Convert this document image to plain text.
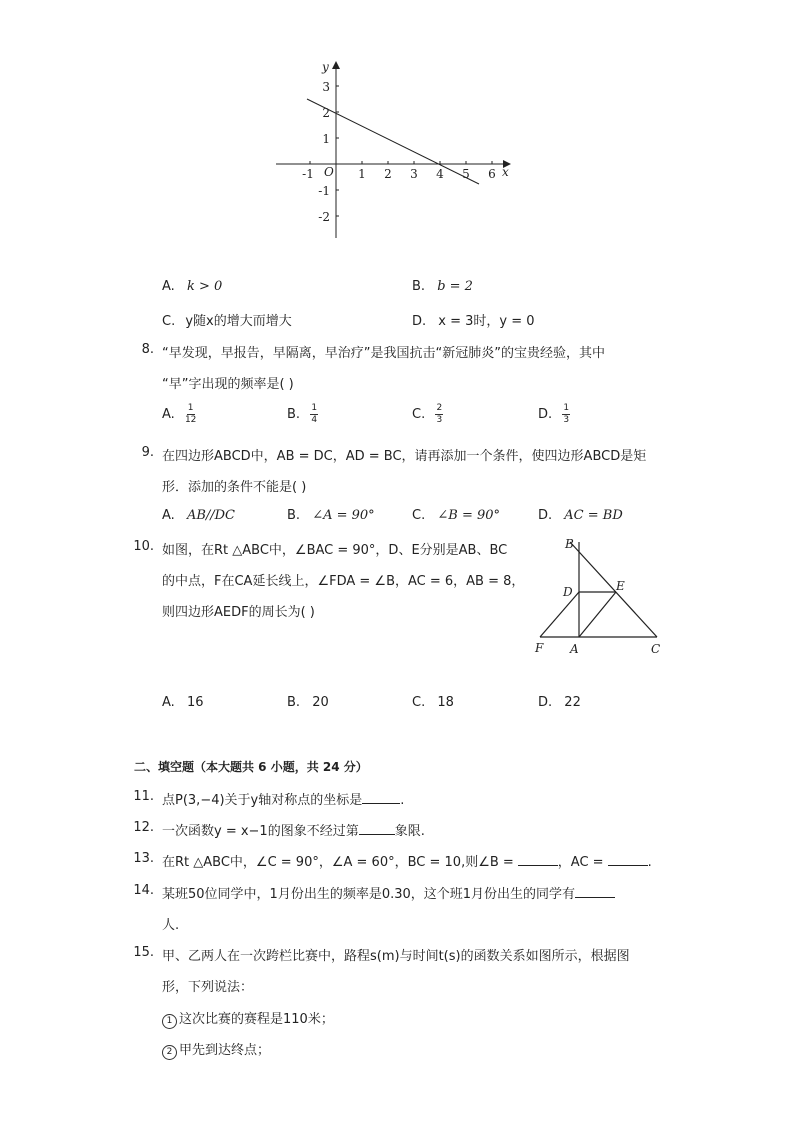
-1	1 2 3 4 5 6
3
2
1
-1
-2
O	x
y
A. k > 0	B. b = 2
C. y随x的增大而增大	D. x = 3时，y = 0
8. “早发现，早报告，早隔离，早治疗”是我国抗击“新冠肺炎”的宝贵经验，其中
“早”字出现的频率是( )
A. $\frac{1}{12}$	B. $\frac{1}{4}$	C. $\frac{2}{3}$	D. $\frac{1}{3}$
9. 在四边形ABCD中，AB = DC，AD = BC，请再添加一个条件，使四边形ABCD是矩
形．添加的条件不能是( )
A. AB//DC	B. ∠A = 90°	C. ∠B = 90°	D. AC = BD
10. 如图，在Rt △ABC中，∠BAC = 90°，D、E分别是AB、BC
的中点，F在CA延长线上，∠FDA = ∠B，AC = 6，AB = 8，
则四边形AEDF的周长为( )
B
D	E
F A	C
A. 16	B. 20	C. 18	D. 22
二、填空题（本大题共 6 小题，共 24 分）
11. 点P(3,−4)关于y轴对称点的坐标是	.
12. 一次函数y = x−1的图象不经过第	象限.
13. 在Rt △ABC中，∠C = 90°，∠A = 60°，BC = 10,则∠B =	，AC =	.
14. 某班50位同学中，1月份出生的频率是0.30，这个班1月份出生的同学有
人.
15. 甲、乙两人在一次跨栏比赛中，路程s(m)与时间t(s)的函数关系如图所示，根据图
形，下列说法：
1 这次比赛的赛程是110米；
2 甲先到达终点；
